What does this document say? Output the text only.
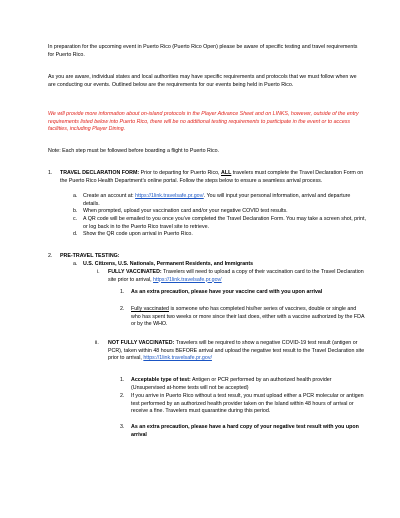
In preparation for the upcoming event in Puerto Rico (Puerto Rico Open) please be aware of specific testing and travel requirements for Puerto Rico.

As you are aware, individual states and local authorities may have specific requirements and protocols that we must follow when we are conducting our events. Outlined below are the requirements for our events being held in Puerto Rico.

We will provide more information about on-island protocols in the Player Advance Sheet and on LINKS, however, outside of the entry requirements listed below into Puerto Rico, there will be no additional testing requirements to participate in the event or to access facilities, including Player Dining.

Note: Each step must be followed before boarding a flight to Puerto Rico.

1. TRAVEL DECLARATION FORM: Prior to departing for Puerto Rico, ALL travelers must complete the Travel Declaration Form on the Puerto Rico Health Department’s online portal. Follow the steps below to ensure a seamless arrival process.

a. Create an account at: https://1link.travelsafe.pr.gov/. You will input your personal information, arrival and departure details.

b. When prompted, upload your vaccination card and/or your negative COVID test results.

c. A QR code will be emailed to you once you’ve completed the Travel Declaration Form. You may take a screen shot, print, or log back in to the Puerto Rico travel site to retrieve.

d. Show the QR code upon arrival in Puerto Rico.

2. PRE-TRAVEL TESTING:

a. U.S. Citizens, U.S. Nationals, Permanent Residents, and Immigrants

i. FULLY VACCINATED: Travelers will need to upload a copy of their vaccination card to the Travel Declaration site prior to arrival, https://1link.travelsafe.pr.gov/

1. As an extra precaution, please have your vaccine card with you upon arrival

2. Fully vaccinated is someone who has completed his/her series of vaccines, double or single and who has spent two weeks or more since their last does, either with a vaccine authorized by the FDA or by the WHO.

ii. NOT FULLY VACCINATED: Travelers will be required to show a negative COVID-19 test result (antigen or PCR), taken within 48 hours BEFORE arrival and upload the negative test result to the Travel Declaration site prior to arrival, https://1link.travelsafe.pr.gov/

1. Acceptable type of test: Antigen or PCR performed by an authorized health provider (Unsupervised at-home tests will not be accepted)

2. If you arrive in Puerto Rico without a test result, you must upload either a PCR molecular or antigen test performed by an authorized health provider taken on the Island within 48 hours of arrival or receive a fine. Travelers must quarantine during this period.

3. As an extra precaution, please have a hard copy of your negative test result with you upon arrival
